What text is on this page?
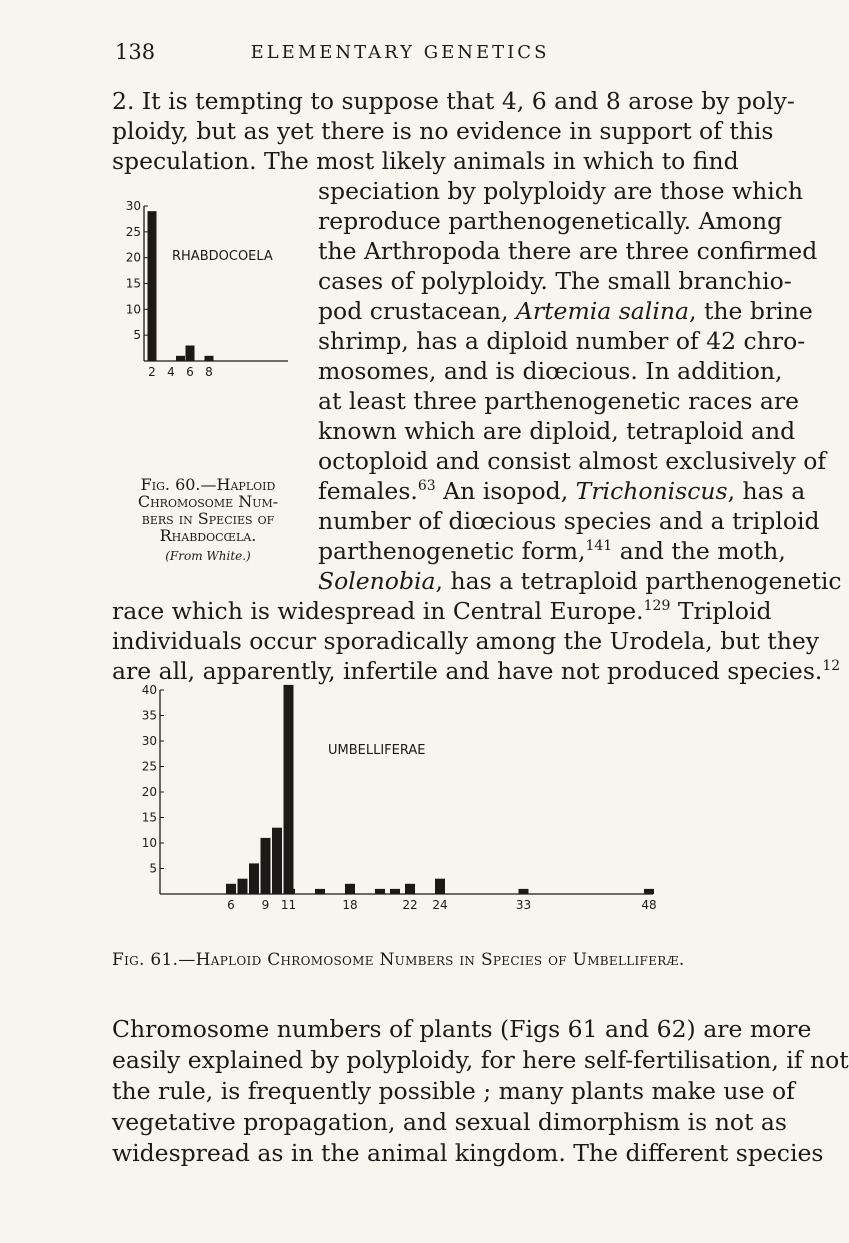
138	ELEMENTARY GENETICS
2. It is tempting to suppose that 4, 6 and 8 arose by poly-
ploidy, but as yet there is no evidence in support of this
speculation. The most likely animals in which to find
speciation by polyploidy are those which
reproduce parthenogenetically. Among
the Arthropoda there are three confirmed
cases of polyploidy. The small branchio-
pod crustacean, Artemia salina, the brine
shrimp, has a diploid number of 42 chro-
mosomes, and is diœcious. In addition,
at least three parthenogenetic races are
known which are diploid, tetraploid and
octoploid and consist almost exclusively of
females.$^{63}$ An isopod, Trichoniscus, has a
number of diœcious species and a triploid
parthenogenetic form,$^{141}$ and the moth,
Solenobia, has a tetraploid parthenogenetic
race which is widespread in Central Europe.$^{129}$ Triploid
individuals occur sporadically among the Urodela, but they
are all, apparently, infertile and have not produced species.$^{12}$
5
10
15
20
25
30
2 4 6 8
RHABDOCOELA
Fig. 60.—Haploid
Chromosome Num-
bers in Species of
Rhabdocœla.
(From White.)
5
10
15
20
25
30
35
40
6 9 11	18	22 24	33	48
UMBELLIFERAE
Fig. 61.—Haploid Chromosome Numbers in Species of Umbelliferæ.
Chromosome numbers of plants (Figs 61 and 62) are more
easily explained by polyploidy, for here self-fertilisation, if not
the rule, is frequently possible ; many plants make use of
vegetative propagation, and sexual dimorphism is not as
widespread as in the animal kingdom. The different species
